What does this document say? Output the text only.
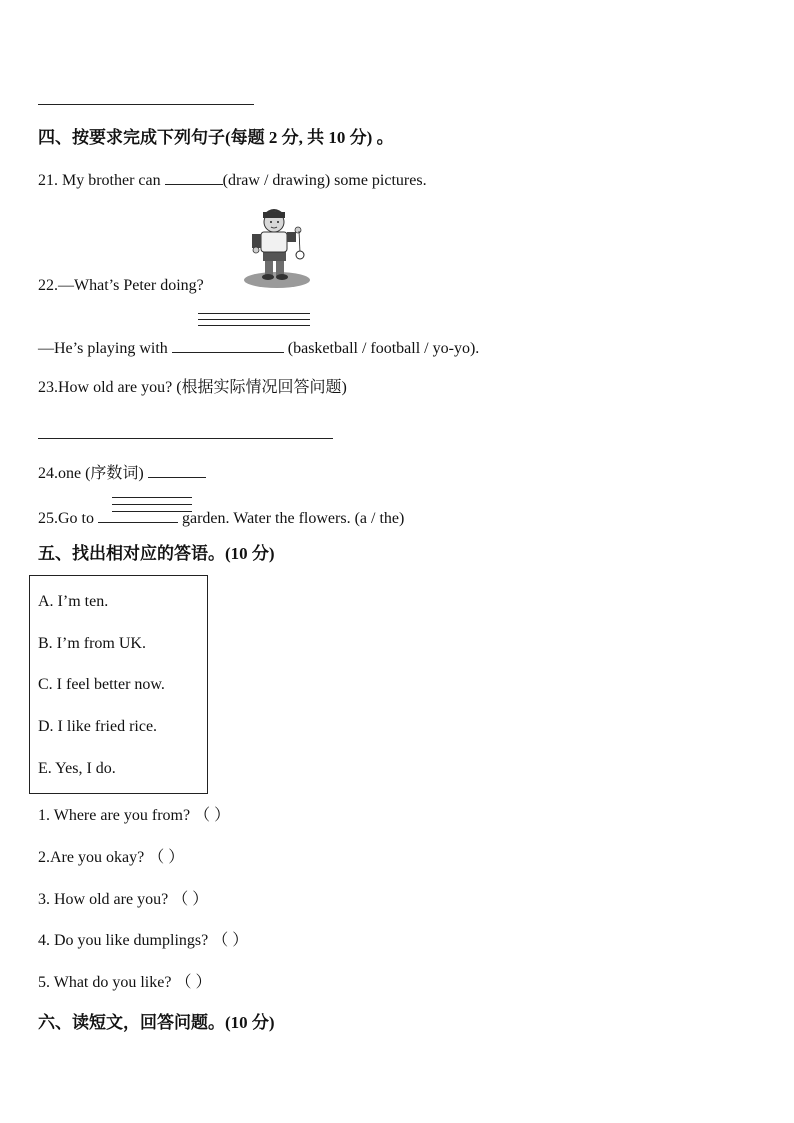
四、按要求完成下列句子(每题 2 分, 共 10 分) 。
21. My brother can	(draw / drawing) some pictures.
22.—What’s Peter doing?
—He’s playing with	(basketball / football / yo-yo).
23.How old are you? (根据实际情况回答问题)
24.one (序数词)
25.Go to	garden. Water the flowers. (a / the)
五、找出相对应的答语。(10 分)
A. I’m ten.
B. I’m from UK.
C. I feel better now.
D. I like fried rice.
E. Yes, I do.
1. Where are you from? （ ）
2.Are you okay? （ ）
3. How old are you? （ ）
4. Do you like dumplings? （ ）
5. What do you like? （ ）
六、读短文，回答问题。(10 分)
